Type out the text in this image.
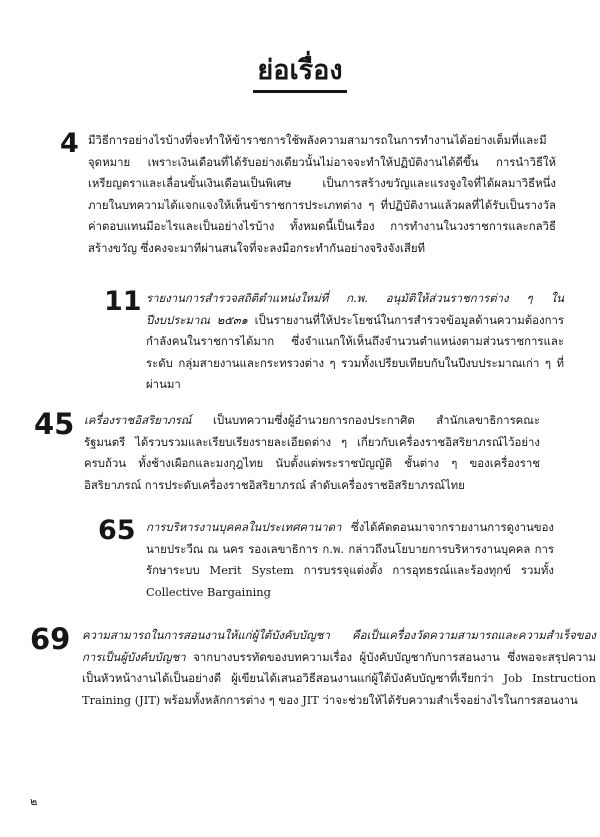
ย่อเรื่อง
4 มีวิธีการอย่างไรบ้างที่จะทำให้ข้าราชการใช้พลังความสามารถในการทำงานได้อย่างเต็มที่และมีจุดหมาย เพราะเงินเดือนที่ได้รับอย่างเดียวนั้นไม่อาจจะทำให้ปฏิบัติงานได้ดีขึ้น การนำวิธีให้เหรียญตราและเลื่อนขั้นเงินเดือนเป็นพิเศษ เป็นการสร้างขวัญและแรงจูงใจที่ได้ผลมาวิธีหนึ่ง ภายในบทความได้แจกแจงให้เห็นข้าราชการประเภทต่าง ๆ ที่ปฏิบัติงานแล้วผลที่ได้รับเป็นรางวัลค่าตอบแทนมีอะไรและเป็นอย่างไรบ้าง ทั้งหมดนี้เป็นเรื่อง การทำงานในวงราชการและกลวิธีสร้างขวัญ ซึ่งคงจะมาทีผ่านสนใจที่จะลงมือกระทำกันอย่างจริงจังเสียที

11 รายงานการสำรวจสถิติตำแหน่งใหม่ที่ ก.พ. อนุมัติให้ส่วนราชการต่าง ๆ ในปีงบประมาณ ๒๕๓๑ เป็นรายงานที่ให้ประโยชน์ในการสำรวจข้อมูลด้านความต้องการกำลังคนในราชการได้มาก ซึ่งจำแนกให้เห็นถึงจำนวนตำแหน่งตามส่วนราชการและระดับ กลุ่มสายงานและกระทรวงต่าง ๆ รวมทั้งเปรียบเทียบกับในปีงบประมาณเก่า ๆ ที่ผ่านมา

45 เครื่องราชอิสริยาภรณ์ เป็นบทความซึ่งผู้อำนวยการกองประกาศิต สำนักเลขาธิการคณะรัฐมนตรี ได้รวบรวมและเรียบเรียงรายละเอียดต่าง ๆ เกี่ยวกับเครื่องราชอิสริยาภรณ์ไว้อย่างครบถ้วน ทั้งช้างเผือกและมงกุฎไทย นับตั้งแต่พระราชบัญญัติ ชั้นต่าง ๆ ของเครื่องราชอิสริยาภรณ์ การประดับเครื่องราชอิสริยาภรณ์ ลำดับเครื่องราชอิสริยาภรณ์ไทย

65 การบริหารงานบุคคลในประเทศคานาดา ซึ่งได้คัดตอนมาจากรายงานการดูงานของนายประวีณ ณ นคร รองเลขาธิการ ก.พ. กล่าวถึงนโยบายการบริหารงานบุคคล การรักษาระบบ Merit System การบรรจุแต่งตั้ง การอุทธรณ์และร้องทุกข์ รวมทั้ง Collective Bargaining

69 ความสามารถในการสอนงานให้แก่ผู้ใต้บังคับบัญชา คือเป็นเครื่องวัดความสามารถและความสำเร็จของการเป็นผู้บังคับบัญชา จากบางบรรทัดของบทความเรื่อง ผู้บังคับบัญชากับการสอนงาน ซึ่งพอจะสรุปความเป็นหัวหน้างานได้เป็นอย่างดี ผู้เขียนได้เสนอวิธีสอนงานแก่ผู้ใต้บังคับบัญชาที่เรียกว่า Job Instruction Training (JIT) พร้อมทั้งหลักการต่าง ๆ ของ JIT ว่าจะช่วยให้ได้รับความสำเร็จอย่างไรในการสอนงาน

๒
